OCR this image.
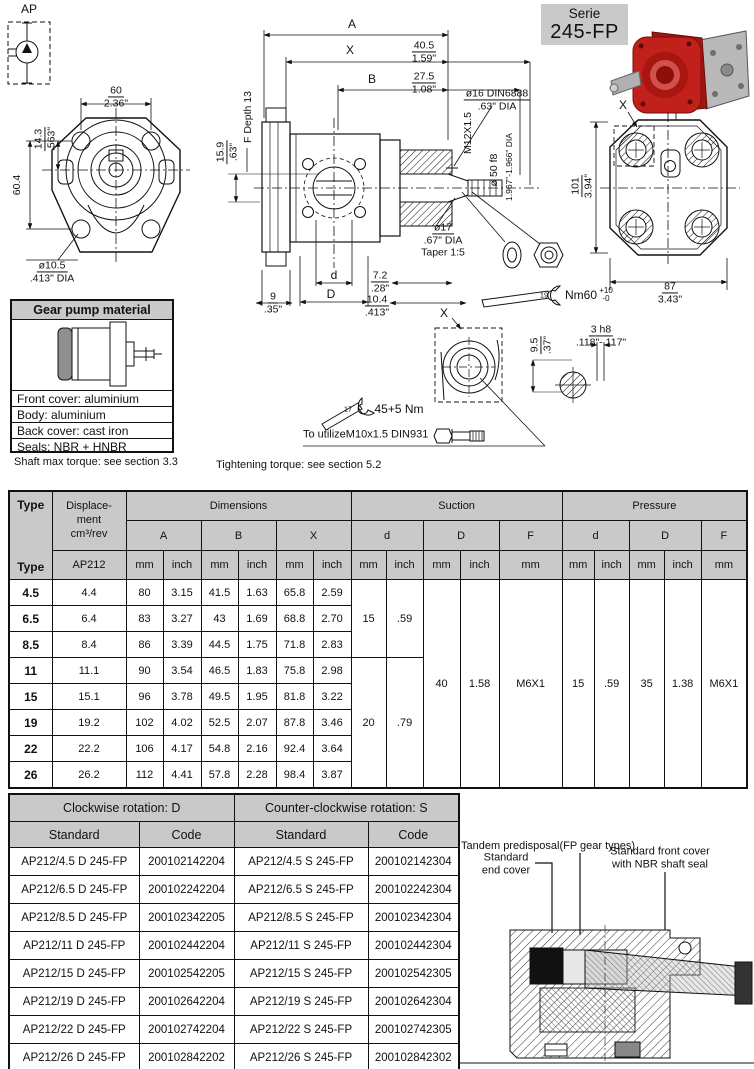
AP	Serie
245-FP
$\frac{60}{2.36"}$
14.3 .563"
60.4
ø10.5
.413" DIA
A
X
B
$\frac{40.5}{1.59"}$
$\frac{27.5}{1.08"}$	ø16 DIN6888
.63" DIA
M12X1.5
ø 50 f8 1.967"-1.966" DIA
F Depth 13
15.9 .63"
ø17
.67" DIA
Taper 1:5
d
D	$\frac{7.2}{.28"}$
$\frac{10.4}{.413"}$
$\frac{9}{.35"}$	19 Nm60 +10
-0
X
101 3.94"
$\frac{87}{3.43"}$
X
$\frac{3 h8}{.118"-.117"}$
9.5 .37"
17 45+5 Nm
To utilizeM10x1.5 DIN931
Shaft max torque: see section 3.3	Tightening torque: see section 5.2
Gear pump material
Front cover: aluminium
Body: aluminium
Back cover: cast iron
Seals: NBR + HNBR
Type
Type	Displace-
ment
cm³/rev	Dimensions						Suction					Pressure				
		A		B		X		d		D		F	d		D		F
	AP212	mm	inch	mm	inch	mm	inch	mm	inch	mm	inch	mm	mm	inch	mm	inch	mm
4.5	4.4	80	3.15	41.5	1.63	65.8	2.59	15	.59	40	1.58	M6X1	15	.59	35	1.38	M6X1
6.5	6.4	83	3.27	43	1.69	68.8	2.70										
8.5	8.4	86	3.39	44.5	1.75	71.8	2.83										
11	11.1	90	3.54	46.5	1.83	75.8	2.98	20	.79								
15	15.1	96	3.78	49.5	1.95	81.8	3.22										
19	19.2	102	4.02	52.5	2.07	87.8	3.46										
22	22.2	106	4.17	54.8	2.16	92.4	3.64										
26	26.2	112	4.41	57.8	2.28	98.4	3.87										
Clockwise rotation: D		Counter-clockwise rotation: S	
Standard	Code	Standard	Code
AP212/4.5 D 245-FP	200102142204	AP212/4.5 S 245-FP	200102142304
AP212/6.5 D 245-FP	200102242204	AP212/6.5 S 245-FP	200102242304
AP212/8.5 D 245-FP	200102342205	AP212/8.5 S 245-FP	200102342304
AP212/11 D 245-FP	200102442204	AP212/11 S 245-FP	200102442304
AP212/15 D 245-FP	200102542205	AP212/15 S 245-FP	200102542305
AP212/19 D 245-FP	200102642204	AP212/19 S 245-FP	200102642304
AP212/22 D 245-FP	200102742204	AP212/22 S 245-FP	200102742305
AP212/26 D 245-FP	200102842202	AP212/26 S 245-FP	200102842302
Tandem predisposal(FP gear types)
Standard
end cover
Standard front cover
with NBR shaft seal
